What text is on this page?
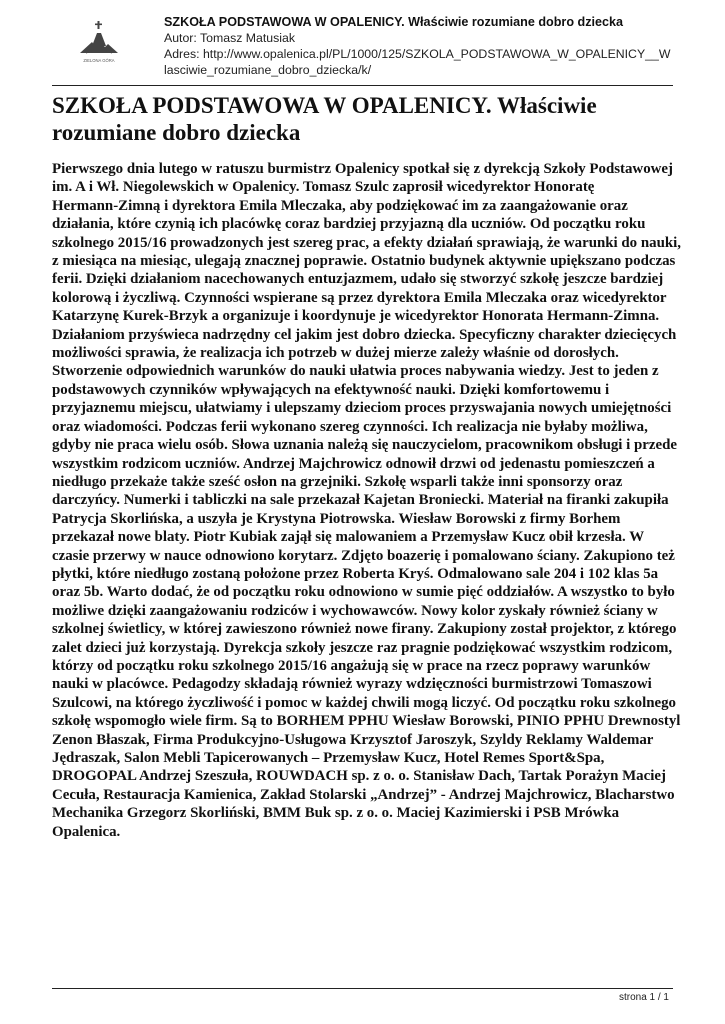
ZIELONA GÓRA
SZKOŁA PODSTAWOWA W OPALENICY. Właściwie rozumiane dobro dziecka
Autor: Tomasz Matusiak
Adres: http://www.opalenica.pl/PL/1000/125/SZKOLA_PODSTAWOWA_W_OPALENICY__W
lasciwie_rozumiane_dobro_dziecka/k/
SZKOŁA PODSTAWOWA W OPALENICY. Właściwie
rozumiane dobro dziecka
Pierwszego dnia lutego w ratuszu burmistrz Opalenicy spotkał się z dyrekcją Szkoły Podstawowej
im. A i Wł. Niegolewskich w Opalenicy. Tomasz Szulc zaprosił wicedyrektor Honoratę
Hermann-Zimną i dyrektora Emila Mleczaka, aby podziękować im za zaangażowanie oraz
działania, które czynią ich placówkę coraz bardziej przyjazną dla uczniów. Od początku roku
szkolnego 2015/16 prowadzonych jest szereg prac, a efekty działań sprawiają, że warunki do nauki,
z miesiąca na miesiąc, ulegają znacznej poprawie. Ostatnio budynek aktywnie upiększano podczas
ferii. Dzięki działaniom nacechowanych entuzjazmem, udało się stworzyć szkołę jeszcze bardziej
kolorową i życzliwą. Czynności wspierane są przez dyrektora Emila Mleczaka oraz wicedyrektor
Katarzynę Kurek-Brzyk a organizuje i koordynuje je wicedyrektor Honorata Hermann-Zimna.
Działaniom przyświeca nadrzędny cel jakim jest dobro dziecka. Specyficzny charakter dziecięcych
możliwości sprawia, że realizacja ich potrzeb w dużej mierze zależy właśnie od dorosłych.
Stworzenie odpowiednich warunków do nauki ułatwia proces nabywania wiedzy. Jest to jeden z
podstawowych czynników wpływających na efektywność nauki. Dzięki komfortowemu i
przyjaznemu miejscu, ułatwiamy i ulepszamy dzieciom proces przyswajania nowych umiejętności
oraz wiadomości. Podczas ferii wykonano szereg czynności. Ich realizacja nie byłaby możliwa,
gdyby nie praca wielu osób. Słowa uznania należą się nauczycielom, pracownikom obsługi i przede
wszystkim rodzicom uczniów. Andrzej Majchrowicz odnowił drzwi od jedenastu pomieszczeń a
niedługo przekaże także sześć osłon na grzejniki. Szkołę wsparli także inni sponsorzy oraz
darczyńcy. Numerki i tabliczki na sale przekazał Kajetan Broniecki. Materiał na firanki zakupiła
Patrycja Skorlińska, a uszyła je Krystyna Piotrowska. Wiesław Borowski z firmy Borhem
przekazał nowe blaty. Piotr Kubiak zajął się malowaniem a Przemysław Kucz obił krzesła. W
czasie przerwy w nauce odnowiono korytarz. Zdjęto boazerię i pomalowano ściany. Zakupiono też
płytki, które niedługo zostaną położone przez Roberta Kryś. Odmalowano sale 204 i 102 klas 5a
oraz 5b. Warto dodać, że od początku roku odnowiono w sumie pięć oddziałów. A wszystko to było
możliwe dzięki zaangażowaniu rodziców i wychowawców. Nowy kolor zyskały również ściany w
szkolnej świetlicy, w której zawieszono również nowe firany. Zakupiony został projektor, z którego
zalet dzieci już korzystają. Dyrekcja szkoły jeszcze raz pragnie podziękować wszystkim rodzicom,
którzy od początku roku szkolnego 2015/16 angażują się w prace na rzecz poprawy warunków
nauki w placówce. Pedagodzy składają również wyrazy wdzięczności burmistrzowi Tomaszowi
Szulcowi, na którego życzliwość i pomoc w każdej chwili mogą liczyć. Od początku roku szkolnego
szkołę wspomogło wiele firm. Są to BORHEM PPHU Wiesław Borowski, PINIO PPHU Drewnostyl
Zenon Błaszak, Firma Produkcyjno-Usługowa Krzysztof Jaroszyk, Szyldy Reklamy Waldemar
Jędraszak, Salon Mebli Tapicerowanych – Przemysław Kucz, Hotel Remes Sport&Spa,
DROGOPAL Andrzej Szeszuła, ROUWDACH sp. z o. o. Stanisław Dach, Tartak Porażyn Maciej
Cecuła, Restauracja Kamienica, Zakład Stolarski „Andrzej” - Andrzej Majchrowicz, Blacharstwo
Mechanika Grzegorz Skorliński, BMM Buk sp. z o. o. Maciej Kazimierski i PSB Mrówka
Opalenica.
strona 1 / 1
